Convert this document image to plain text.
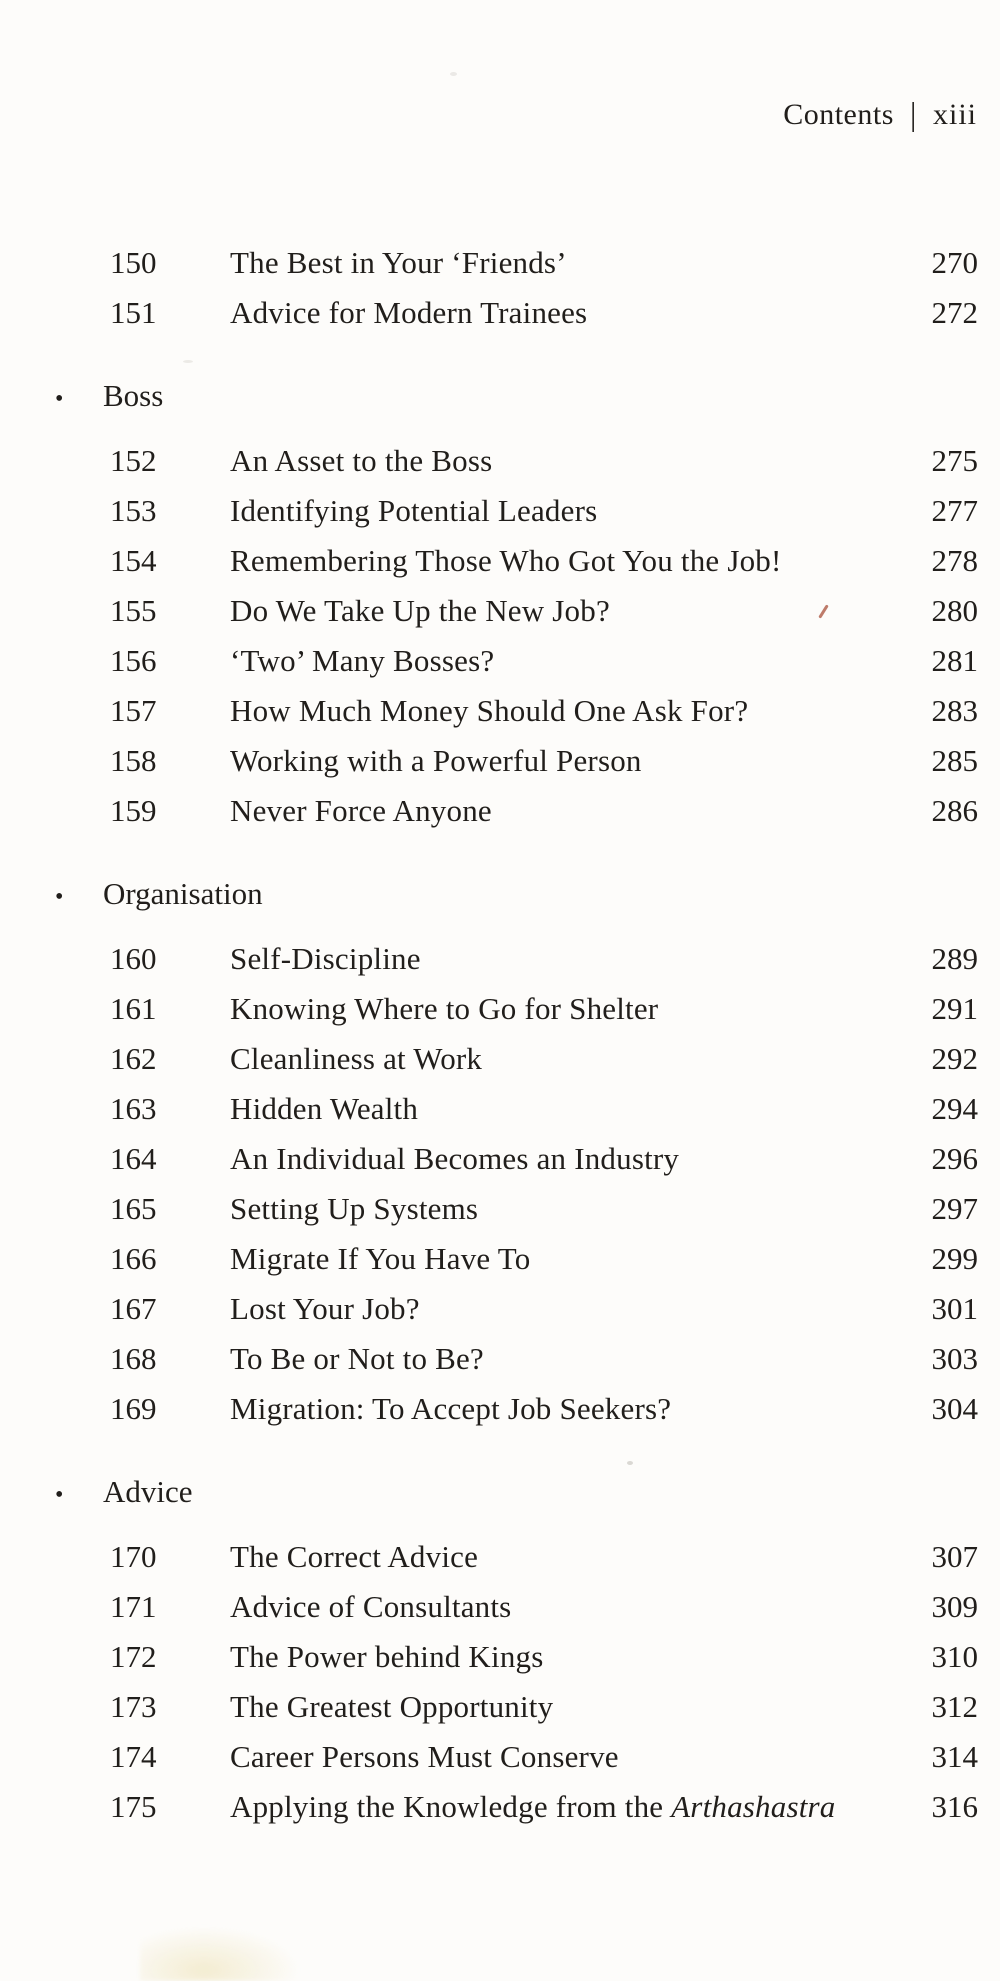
Contents | xiii
150	The Best in Your ‘Friends’	270
151	Advice for Modern Trainees	272
•	Boss
152	An Asset to the Boss	275
153	Identifying Potential Leaders	277
154	Remembering Those Who Got You the Job!	278
155	Do We Take Up the New Job?	280
156	‘Two’ Many Bosses?	281
157	How Much Money Should One Ask For?	283
158	Working with a Powerful Person	285
159	Never Force Anyone	286
•	Organisation
160	Self-Discipline	289
161	Knowing Where to Go for Shelter	291
162	Cleanliness at Work	292
163	Hidden Wealth	294
164	An Individual Becomes an Industry	296
165	Setting Up Systems	297
166	Migrate If You Have To	299
167	Lost Your Job?	301
168	To Be or Not to Be?	303
169	Migration: To Accept Job Seekers?	304
•	Advice
170	The Correct Advice	307
171	Advice of Consultants	309
172	The Power behind Kings	310
173	The Greatest Opportunity	312
174	Career Persons Must Conserve	314
175	Applying the Knowledge from the Arthashastra	316
